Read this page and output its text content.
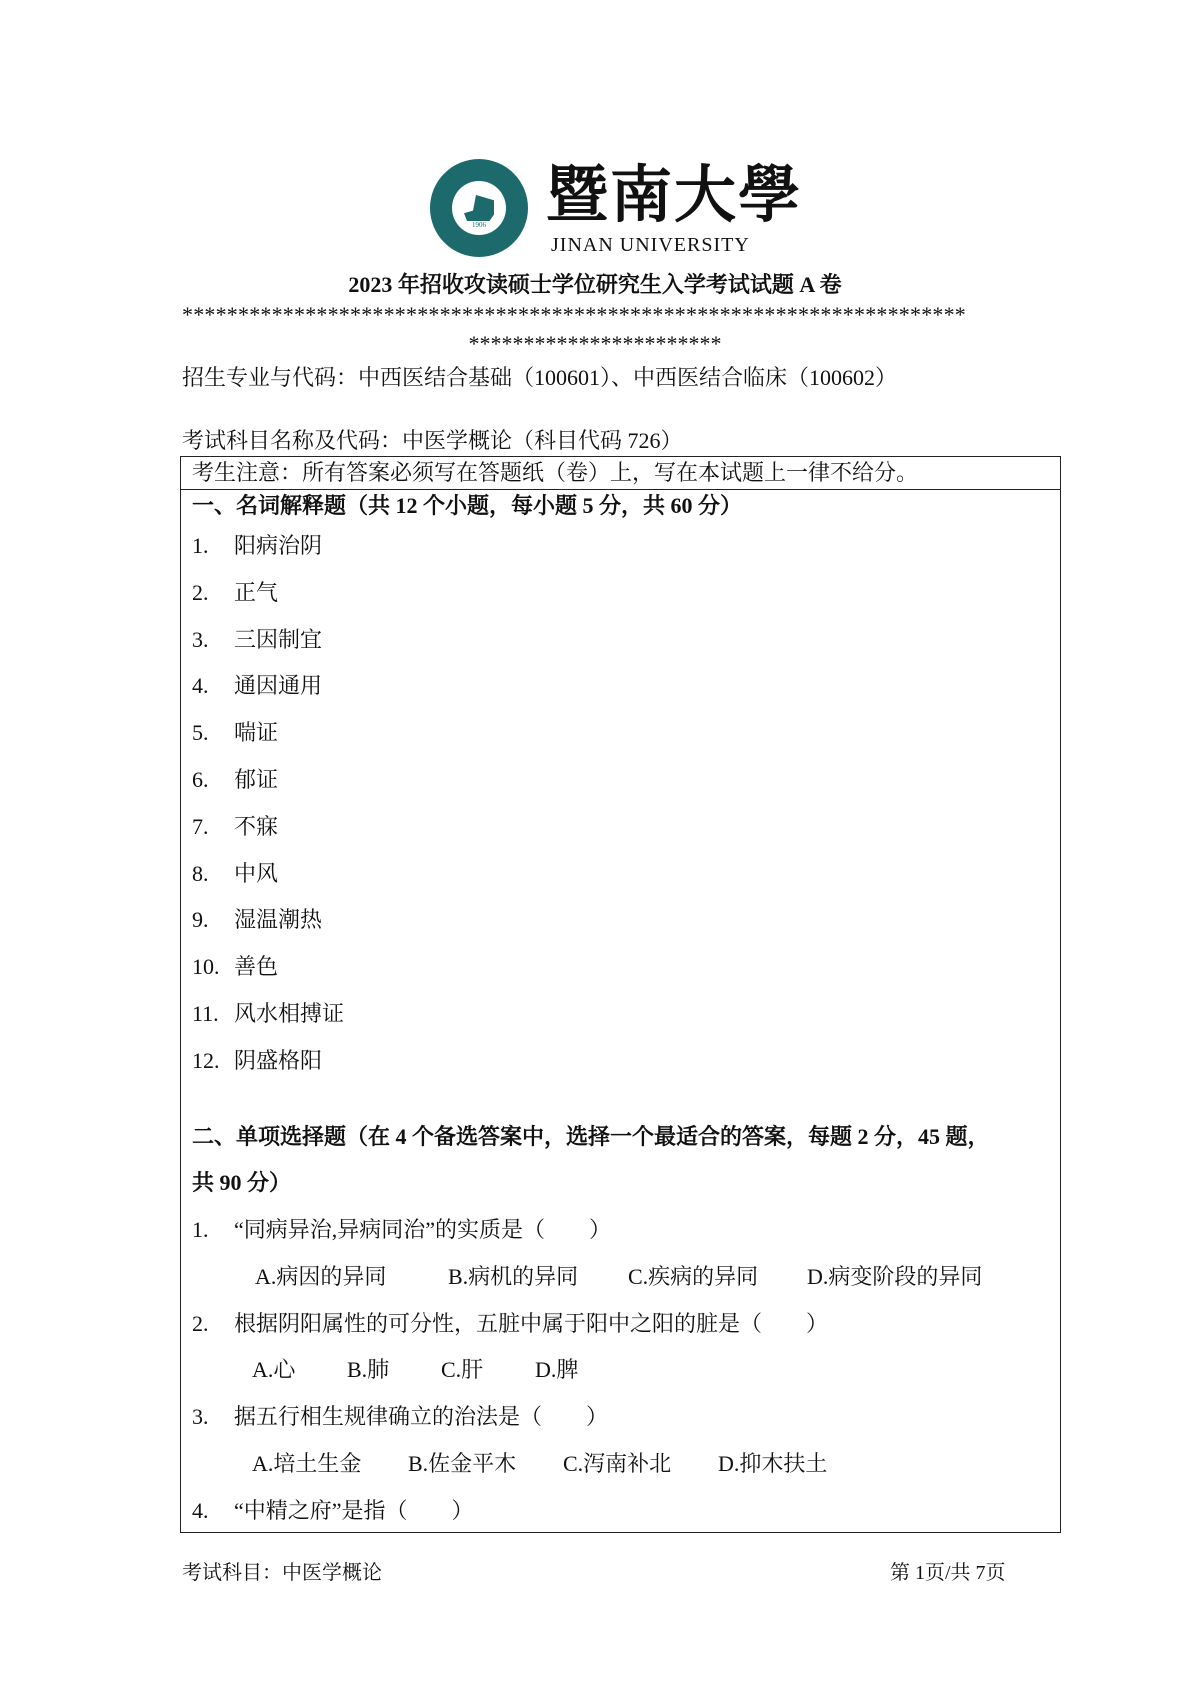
1906 暨南大學
JINAN UNIVERSITY
2023 年招收攻读硕士学位研究生入学考试试题 A 卷
**********************************************************************
***********************
招生专业与代码：中西医结合基础（100601）、中西医结合临床（100602）
考试科目名称及代码：中医学概论（科目代码 726）
考生注意：所有答案必须写在答题纸（卷）上，写在本试题上一律不给分。
一、名词解释题（共 12 个小题，每小题 5 分，共 60 分）
1. 阳病治阴
2. 正气
3. 三因制宜
4. 通因通用
5. 喘证
6. 郁证
7. 不寐
8. 中风
9. 湿温潮热
10. 善色
11. 风水相搏证
12. 阴盛格阳
二、单项选择题（在 4 个备选答案中，选择一个最适合的答案，每题 2 分，45 题，
共 90 分）
1. “同病异治,异病同治”的实质是（　　）
A.病因的异同	B.病机的异同 C.疾病的异同 D.病变阶段的异同
2. 根据阴阳属性的可分性，五脏中属于阳中之阳的脏是（　　）
A.心 B.肺 C.肝 D.脾
3. 据五行相生规律确立的治法是（　　）
A.培土生金 B.佐金平木 C.泻南补北 D.抑木扶土
4. “中精之府”是指（　　）
考试科目：中医学概论	第 1页/共 7页
